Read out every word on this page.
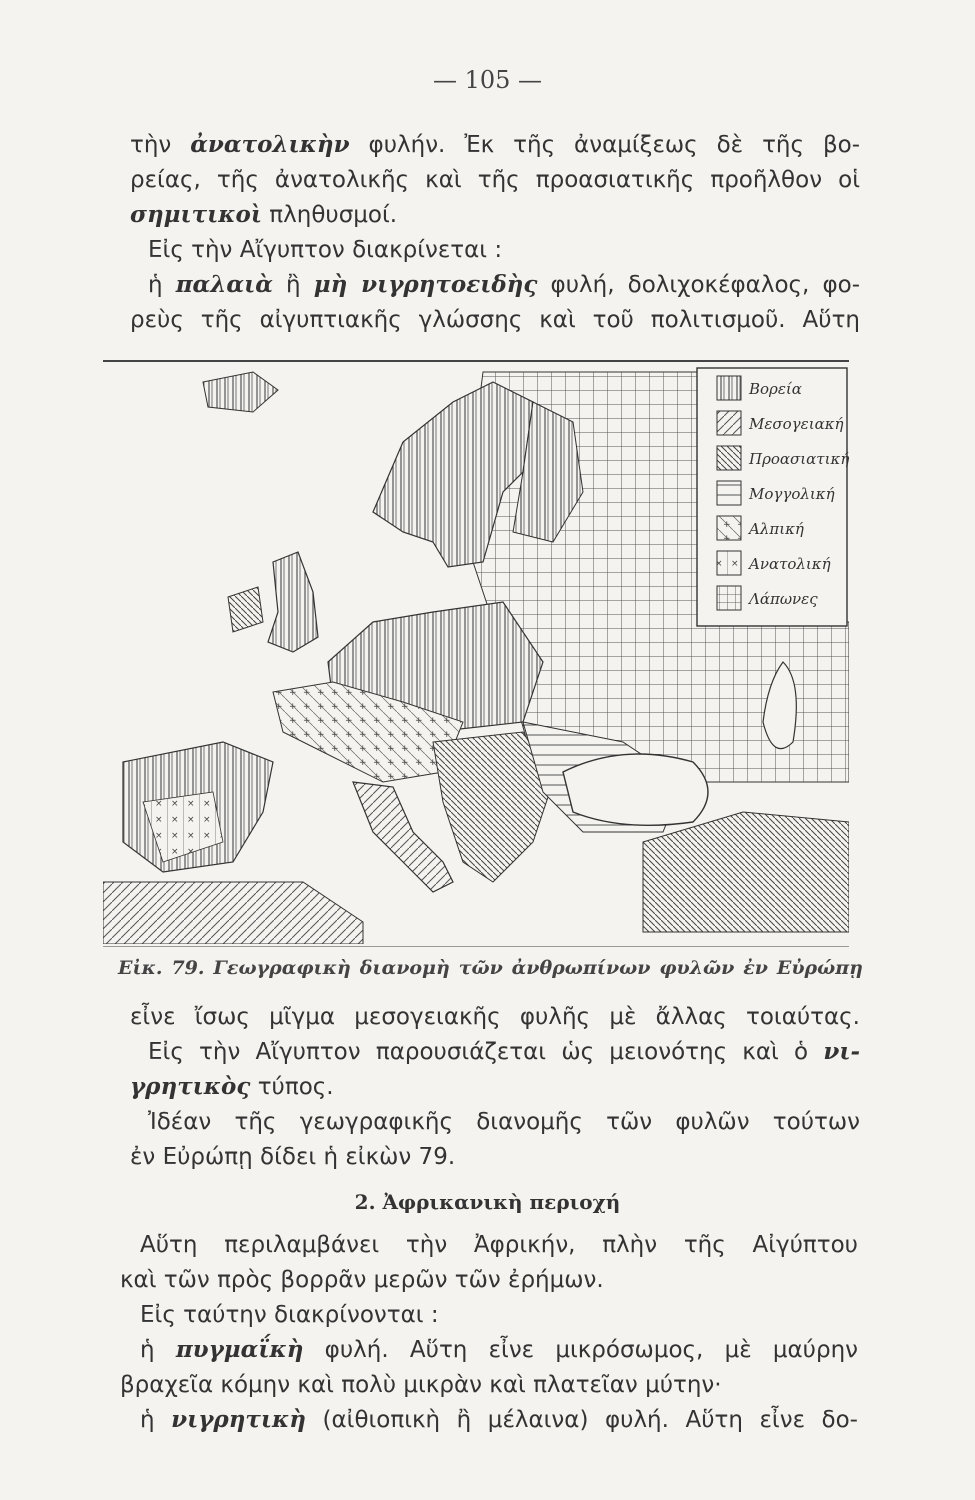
— 105 —

τὴν ἀνατολικὴν φυλήν. Ἐκ τῆς ἀναμίξεως δὲ τῆς βο-

ρείας, τῆς ἀνατολικῆς καὶ τῆς πρoασιατικῆς προῆλθον οἱ

σημιτικοὶ πληθυσμοί.

Εἰς τὴν Αἴγυπτον διακρίνεται :

ἡ παλαιὰ ἢ μὴ νιγρητοειδὴς φυλή, δολιχοκέφαλος, φο-

ρεὺς τῆς αἰγυπτιακῆς γλώσσης καὶ τοῦ πολιτισμοῦ. Αὕτη

Βορεία
Μεσογειακή
Προασιατική
Μογγολική
Αλπική
Ανατολική
Λάπωνες
Εἰκ. 79. Γεωγραφικὴ διανομὴ τῶν ἀνθρωπίνων φυλῶν ἐν Εὐρώπῃ

εἶνε ἴσως μῖγμα μεσογειακῆς φυλῆς μὲ ἄλλας τοιαύτας.

Εἰς τὴν Αἴγυπτον παρουσιάζεται ὡς μειονότης καὶ ὁ νι-

γρητικὸς τύπος.

Ἰδέαν τῆς γεωγραφικῆς διανομῆς τῶν φυλῶν τούτων

ἐν Εὐρώπῃ δίδει ἡ εἰκὼν 79.

2. Ἀφρικανικὴ περιοχή

Αὕτη περιλαμβάνει τὴν Ἀφρικήν, πλὴν τῆς Αἰγύπτου

καὶ τῶν πρὸς βορρᾶν μερῶν τῶν ἐρήμων.

Εἰς ταύτην διακρίνονται :

ἡ πυγμαΐκὴ φυλή. Αὕτη εἶνε μικρόσωμος, μὲ μαύρην

βραχεῖα κόμην καὶ πολὺ μικρὰν καὶ πλατεῖαν μύτην·

ἡ νιγρητικὴ (αἰθιοπικὴ ἢ μέλαινα) φυλή. Αὕτη εἶνε δο-
